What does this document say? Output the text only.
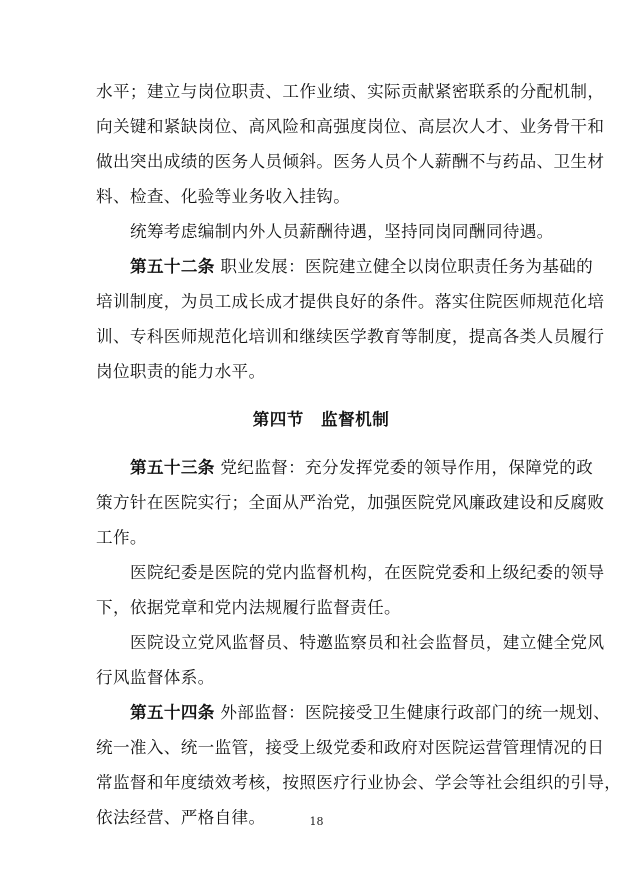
水平；建立与岗位职责、工作业绩、实际贡献紧密联系的分配机制，
向关键和紧缺岗位、高风险和高强度岗位、高层次人才、业务骨干和
做出突出成绩的医务人员倾斜。医务人员个人薪酬不与药品、卫生材
料、检查、化验等业务收入挂钩。
统筹考虑编制内外人员薪酬待遇，坚持同岗同酬同待遇。
第五十二条 职业发展：医院建立健全以岗位职责任务为基础的
培训制度，为员工成长成才提供良好的条件。落实住院医师规范化培
训、专科医师规范化培训和继续医学教育等制度，提高各类人员履行
岗位职责的能力水平。
第四节　监督机制
第五十三条 党纪监督：充分发挥党委的领导作用，保障党的政
策方针在医院实行；全面从严治党，加强医院党风廉政建设和反腐败
工作。
医院纪委是医院的党内监督机构，在医院党委和上级纪委的领导
下，依据党章和党内法规履行监督责任。
医院设立党风监督员、特邀监察员和社会监督员，建立健全党风
行风监督体系。
第五十四条 外部监督：医院接受卫生健康行政部门的统一规划、
统一准入、统一监管，接受上级党委和政府对医院运营管理情况的日
常监督和年度绩效考核，按照医疗行业协会、学会等社会组织的引导，
依法经营、严格自律。	18
